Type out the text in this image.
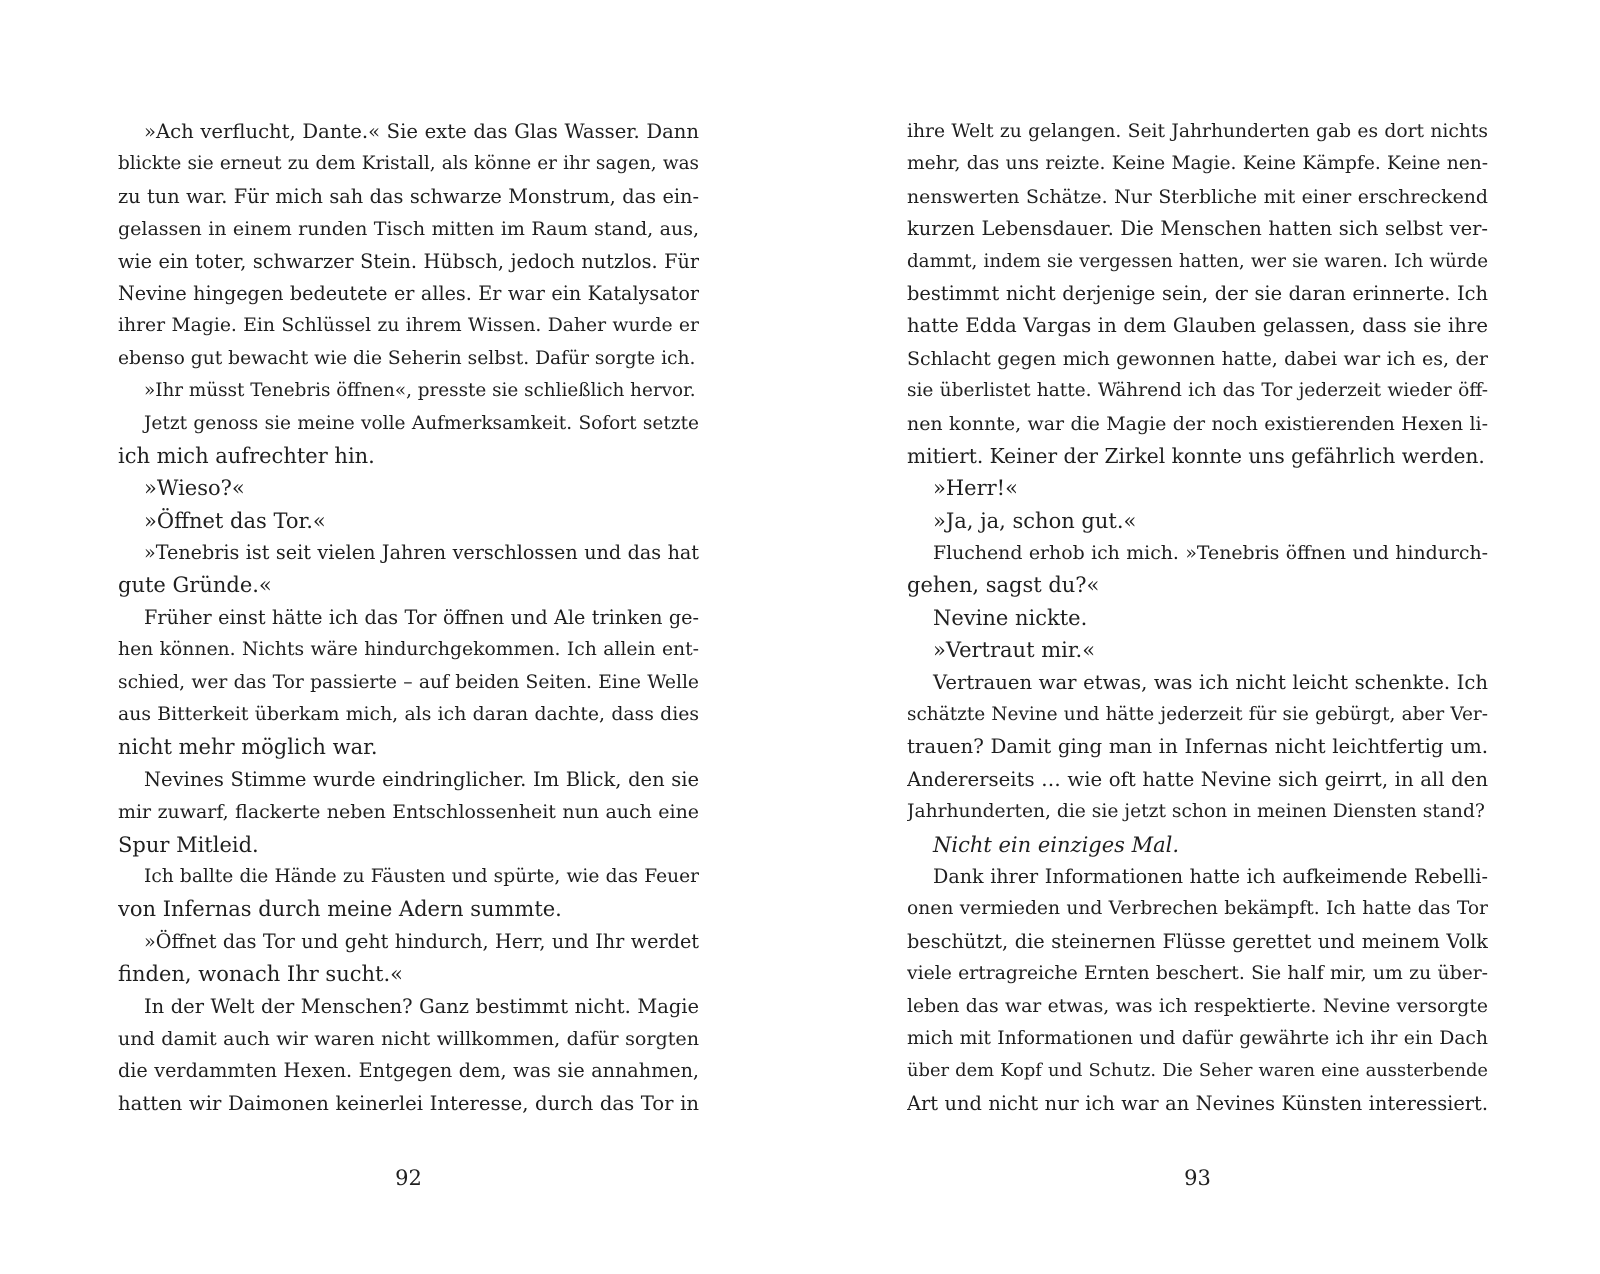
»Ach verflucht, Dante.« Sie exte das Glas Wasser. Dann
blickte sie erneut zu dem Kristall, als könne er ihr sagen, was
zu tun war. Für mich sah das schwarze Monstrum, das ein-
gelassen in einem runden Tisch mitten im Raum stand, aus,
wie ein toter, schwarzer Stein. Hübsch, jedoch nutzlos. Für
Nevine hingegen bedeutete er alles. Er war ein Katalysator
ihrer Magie. Ein Schlüssel zu ihrem Wissen. Daher wurde er
ebenso gut bewacht wie die Seherin selbst. Dafür sorgte ich.
»Ihr müsst Tenebris öffnen«, presste sie schließlich hervor.
Jetzt genoss sie meine volle Aufmerksamkeit. Sofort setzte
ich mich aufrechter hin.
»Wieso?«
»Öffnet das Tor.«
»Tenebris ist seit vielen Jahren verschlossen und das hat
gute Gründe.«
Früher einst hätte ich das Tor öffnen und Ale trinken ge-
hen können. Nichts wäre hindurchgekommen. Ich allein ent-
schied, wer das Tor passierte – auf beiden Seiten. Eine Welle
aus Bitterkeit überkam mich, als ich daran dachte, dass dies
nicht mehr möglich war.
Nevines Stimme wurde eindringlicher. Im Blick, den sie
mir zuwarf, flackerte neben Entschlossenheit nun auch eine
Spur Mitleid.
Ich ballte die Hände zu Fäusten und spürte, wie das Feuer
von Infernas durch meine Adern summte.
»Öffnet das Tor und geht hindurch, Herr, und Ihr werdet
finden, wonach Ihr sucht.«
In der Welt der Menschen? Ganz bestimmt nicht. Magie
und damit auch wir waren nicht willkommen, dafür sorgten
die verdammten Hexen. Entgegen dem, was sie annahmen,
hatten wir Daimonen keinerlei Interesse, durch das Tor in
92
ihre Welt zu gelangen. Seit Jahrhunderten gab es dort nichts
mehr, das uns reizte. Keine Magie. Keine Kämpfe. Keine nen-
nenswerten Schätze. Nur Sterbliche mit einer erschreckend
kurzen Lebensdauer. Die Menschen hatten sich selbst ver-
dammt, indem sie vergessen hatten, wer sie waren. Ich würde
bestimmt nicht derjenige sein, der sie daran erinnerte. Ich
hatte Edda Vargas in dem Glauben gelassen, dass sie ihre
Schlacht gegen mich gewonnen hatte, dabei war ich es, der
sie überlistet hatte. Während ich das Tor jederzeit wieder öff-
nen konnte, war die Magie der noch existierenden Hexen li-
mitiert. Keiner der Zirkel konnte uns gefährlich werden.
»Herr!«
»Ja, ja, schon gut.«
Fluchend erhob ich mich. »Tenebris öffnen und hindurch-
gehen, sagst du?«
Nevine nickte.
»Vertraut mir.«
Vertrauen war etwas, was ich nicht leicht schenkte. Ich
schätzte Nevine und hätte jederzeit für sie gebürgt, aber Ver-
trauen? Damit ging man in Infernas nicht leichtfertig um.
Andererseits … wie oft hatte Nevine sich geirrt, in all den
Jahrhunderten, die sie jetzt schon in meinen Diensten stand?
Nicht ein einziges Mal.
Dank ihrer Informationen hatte ich aufkeimende Rebelli-
onen vermieden und Verbrechen bekämpft. Ich hatte das Tor
beschützt, die steinernen Flüsse gerettet und meinem Volk
viele ertragreiche Ernten beschert. Sie half mir, um zu über-
leben das war etwas, was ich respektierte. Nevine versorgte
mich mit Informationen und dafür gewährte ich ihr ein Dach
über dem Kopf und Schutz. Die Seher waren eine aussterbende
Art und nicht nur ich war an Nevines Künsten interessiert.
93
